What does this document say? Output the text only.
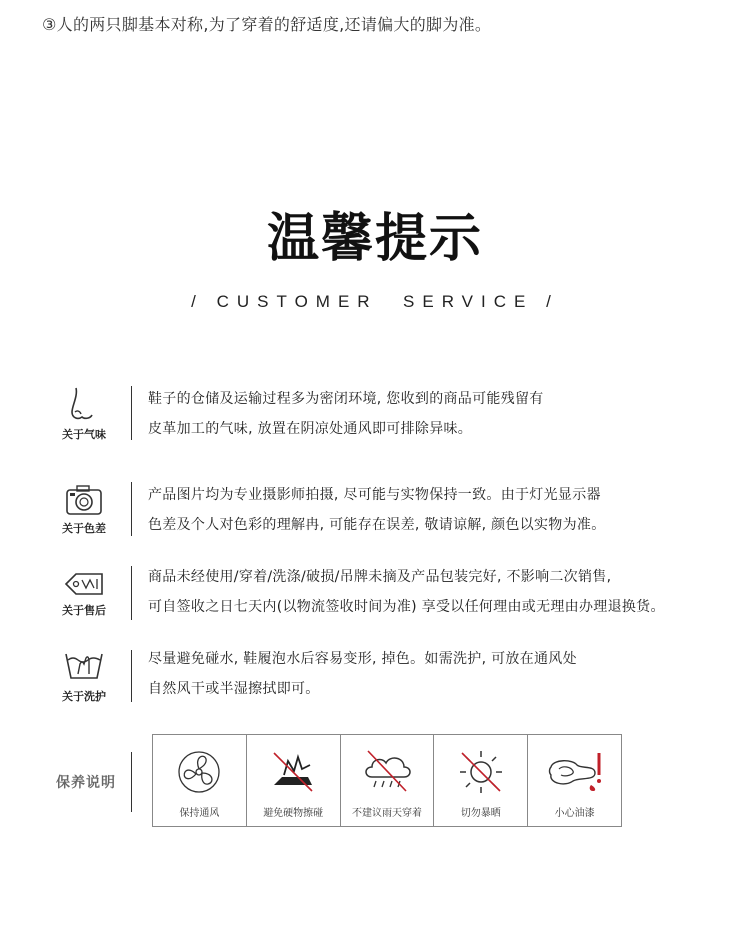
③人的两只脚基本对称,为了穿着的舒适度,还请偏大的脚为准。
温馨提示
/ CUSTOMER  SERVICE /
关于气味
鞋子的仓储及运输过程多为密闭环境, 您收到的商品可能残留有
皮革加工的气味, 放置在阴凉处通风即可排除异味。
关于色差
产品图片均为专业摄影师拍摄, 尽可能与实物保持一致。由于灯光显示器
色差及个人对色彩的理解冉, 可能存在误差, 敬请谅解, 颜色以实物为准。
关于售后
商品未经使用/穿着/洗涤/破损/吊牌未摘及产品包装完好, 不影响二次销售,
可自签收之日七天内(以物流签收时间为准) 享受以任何理由或无理由办理退换货。
关于洗护
尽量避免碰水, 鞋履泡水后容易变形, 掉色。如需洗护, 可放在通风处
自然风干或半湿擦拭即可。
保养说明
保持通风	避免硬物擦碰	不建议雨天穿着	切勿暴晒	小心油漆
